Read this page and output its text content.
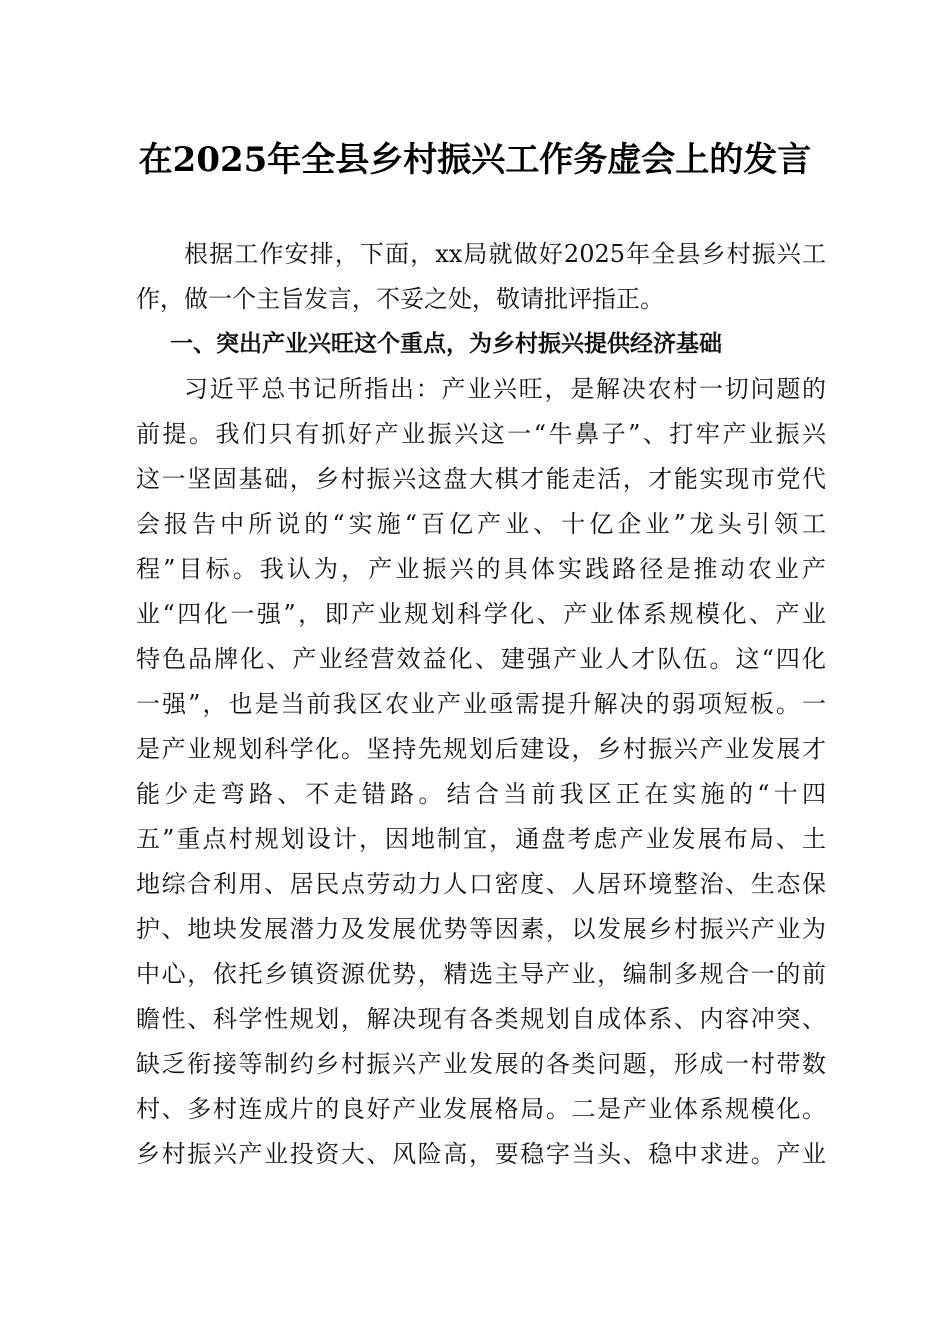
在2025年全县乡村振兴工作务虚会上的发言
根据工作安排，下面，xx局就做好2025年全县乡村振兴工
作，做一个主旨发言，不妥之处，敬请批评指正。
一、突出产业兴旺这个重点，为乡村振兴提供经济基础
习近平总书记所指出：产业兴旺，是解决农村一切问题的
前提。我们只有抓好产业振兴这一“牛鼻子”、打牢产业振兴
这一坚固基础，乡村振兴这盘大棋才能走活，才能实现市党代
会报告中所说的“实施“百亿产业、十亿企业”龙头引领工
程”目标。我认为，产业振兴的具体实践路径是推动农业产
业“四化一强”，即产业规划科学化、产业体系规模化、产业
特色品牌化、产业经营效益化、建强产业人才队伍。这“四化
一强”，也是当前我区农业产业亟需提升解决的弱项短板。一
是产业规划科学化。坚持先规划后建设，乡村振兴产业发展才
能少走弯路、不走错路。结合当前我区正在实施的“十四
五”重点村规划设计，因地制宜，通盘考虑产业发展布局、土
地综合利用、居民点劳动力人口密度、人居环境整治、生态保
护、地块发展潜力及发展优势等因素，以发展乡村振兴产业为
中心，依托乡镇资源优势，精选主导产业，编制多规合一的前
瞻性、科学性规划，解决现有各类规划自成体系、内容冲突、
缺乏衔接等制约乡村振兴产业发展的各类问题，形成一村带数
村、多村连成片的良好产业发展格局。二是产业体系规模化。
乡村振兴产业投资大、风险高，要稳字当头、稳中求进。产业
